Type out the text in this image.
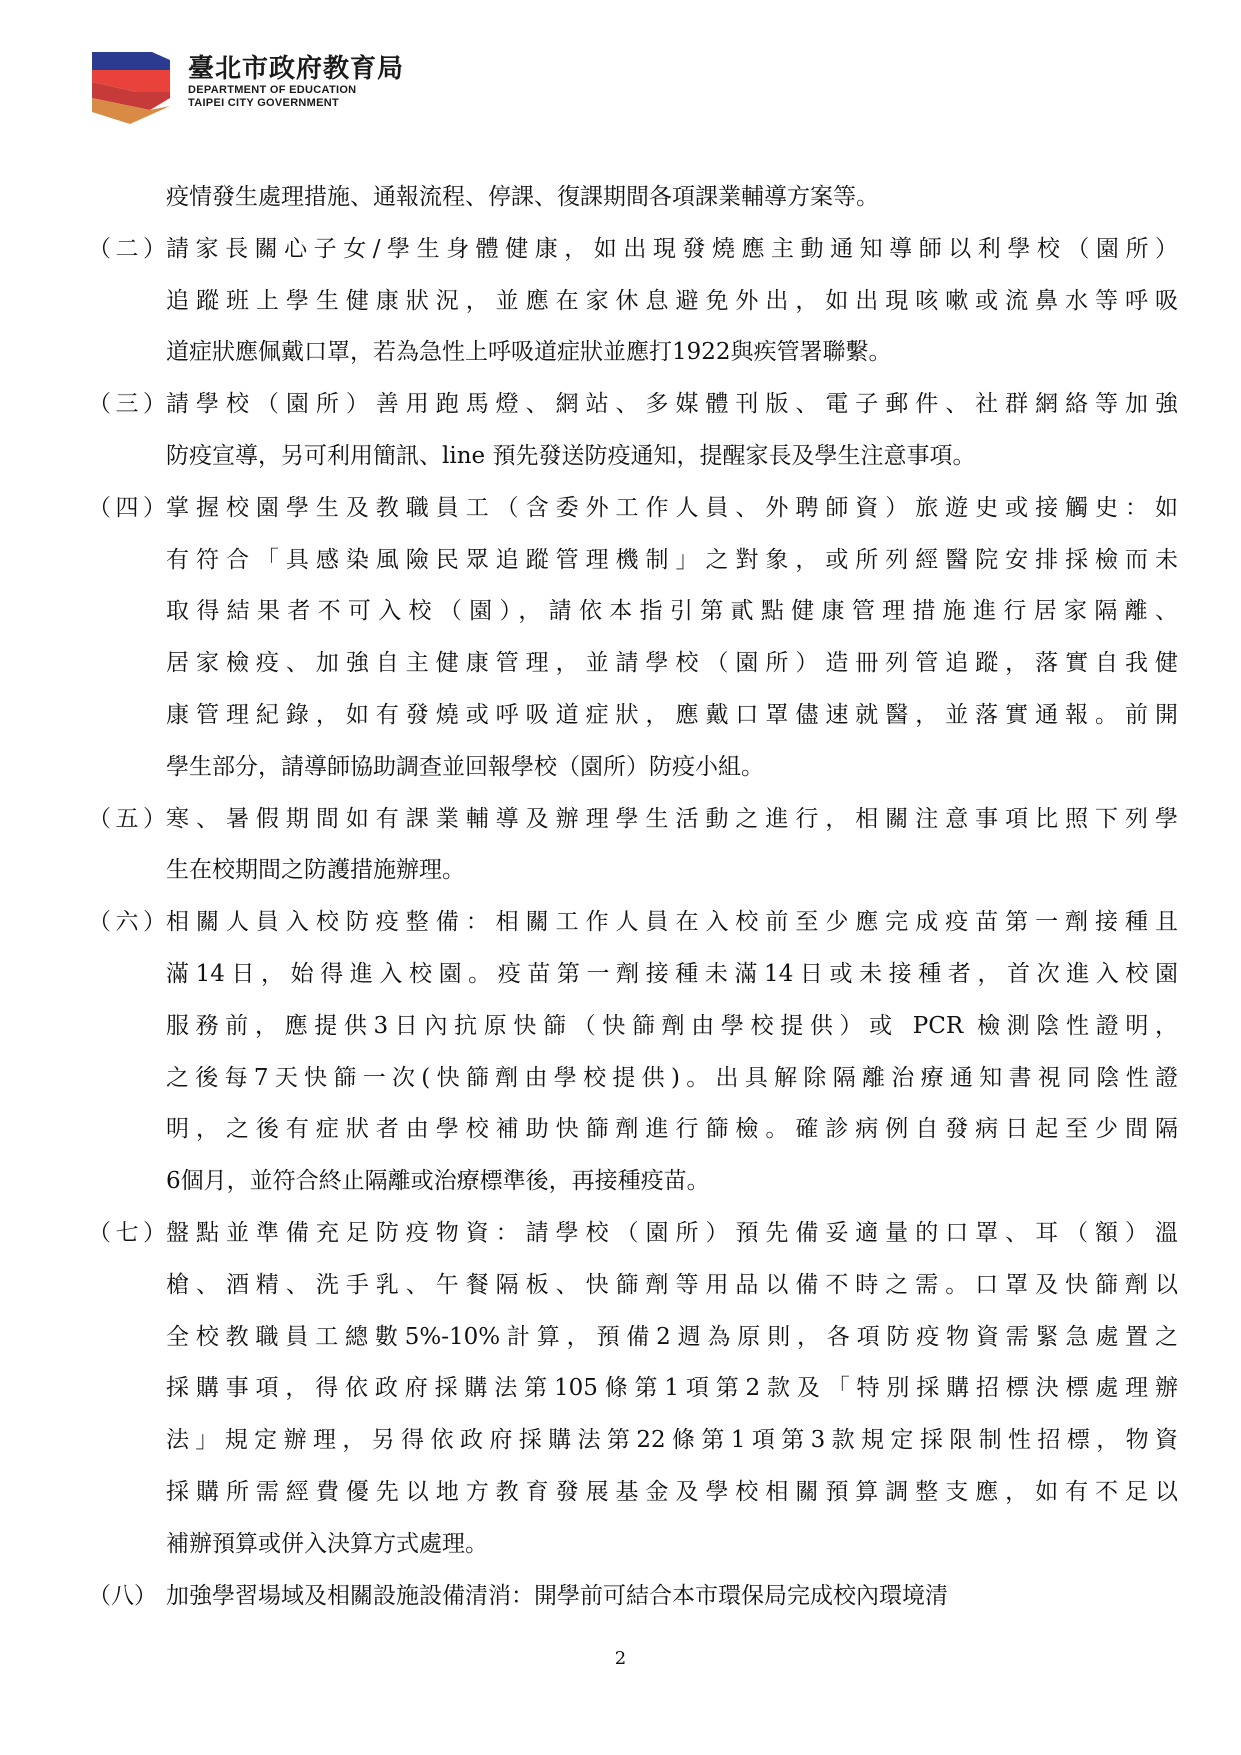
臺北市政府教育局
DEPARTMENT OF EDUCATION
TAIPEI CITY GOVERNMENT
疫情發生處理措施、通報流程、停課、復課期間各項課業輔導方案等。
（二） 請家長關心子女/學生身體健康，如出現發燒應主動通知導師以利學校（園所）
追蹤班上學生健康狀況，並應在家休息避免外出，如出現咳嗽或流鼻水等呼吸
道症狀應佩戴口罩，若為急性上呼吸道症狀並應打1922與疾管署聯繫。
（三） 請學校（園所）善用跑馬燈、網站、多媒體刊版、電子郵件、社群網絡等加強
防疫宣導，另可利用簡訊、line 預先發送防疫通知，提醒家長及學生注意事項。
（四） 掌握校園學生及教職員工（含委外工作人員、外聘師資）旅遊史或接觸史：如
有符合「具感染風險民眾追蹤管理機制」之對象，或所列經醫院安排採檢而未
取得結果者不可入校（園），請依本指引第貳點健康管理措施進行居家隔離、
居家檢疫、加強自主健康管理，並請學校（園所）造冊列管追蹤，落實自我健
康管理紀錄，如有發燒或呼吸道症狀，應戴口罩儘速就醫，並落實通報。前開
學生部分，請導師協助調查並回報學校（園所）防疫小組。
（五） 寒、暑假期間如有課業輔導及辦理學生活動之進行，相關注意事項比照下列學
生在校期間之防護措施辦理。
（六） 相關人員入校防疫整備：相關工作人員在入校前至少應完成疫苗第一劑接種且
滿14日，始得進入校園。疫苗第一劑接種未滿14日或未接種者，首次進入校園
服務前，應提供3日內抗原快篩（快篩劑由學校提供）或 PCR 檢測陰性證明，
之後每7天快篩一次(快篩劑由學校提供)。出具解除隔離治療通知書視同陰性證
明，之後有症狀者由學校補助快篩劑進行篩檢。確診病例自發病日起至少間隔
6個月，並符合終止隔離或治療標準後，再接種疫苗。
（七） 盤點並準備充足防疫物資：請學校（園所）預先備妥適量的口罩、耳（額）溫
槍、酒精、洗手乳、午餐隔板、快篩劑等用品以備不時之需。口罩及快篩劑以
全校教職員工總數5%-10%計算，預備2週為原則，各項防疫物資需緊急處置之
採購事項，得依政府採購法第105條第1項第2款及「特別採購招標決標處理辦
法」規定辦理，另得依政府採購法第22條第1項第3款規定採限制性招標，物資
採購所需經費優先以地方教育發展基金及學校相關預算調整支應，如有不足以
補辦預算或併入決算方式處理。
（八） 加強學習場域及相關設施設備清消：開學前可結合本市環保局完成校內環境清
2
